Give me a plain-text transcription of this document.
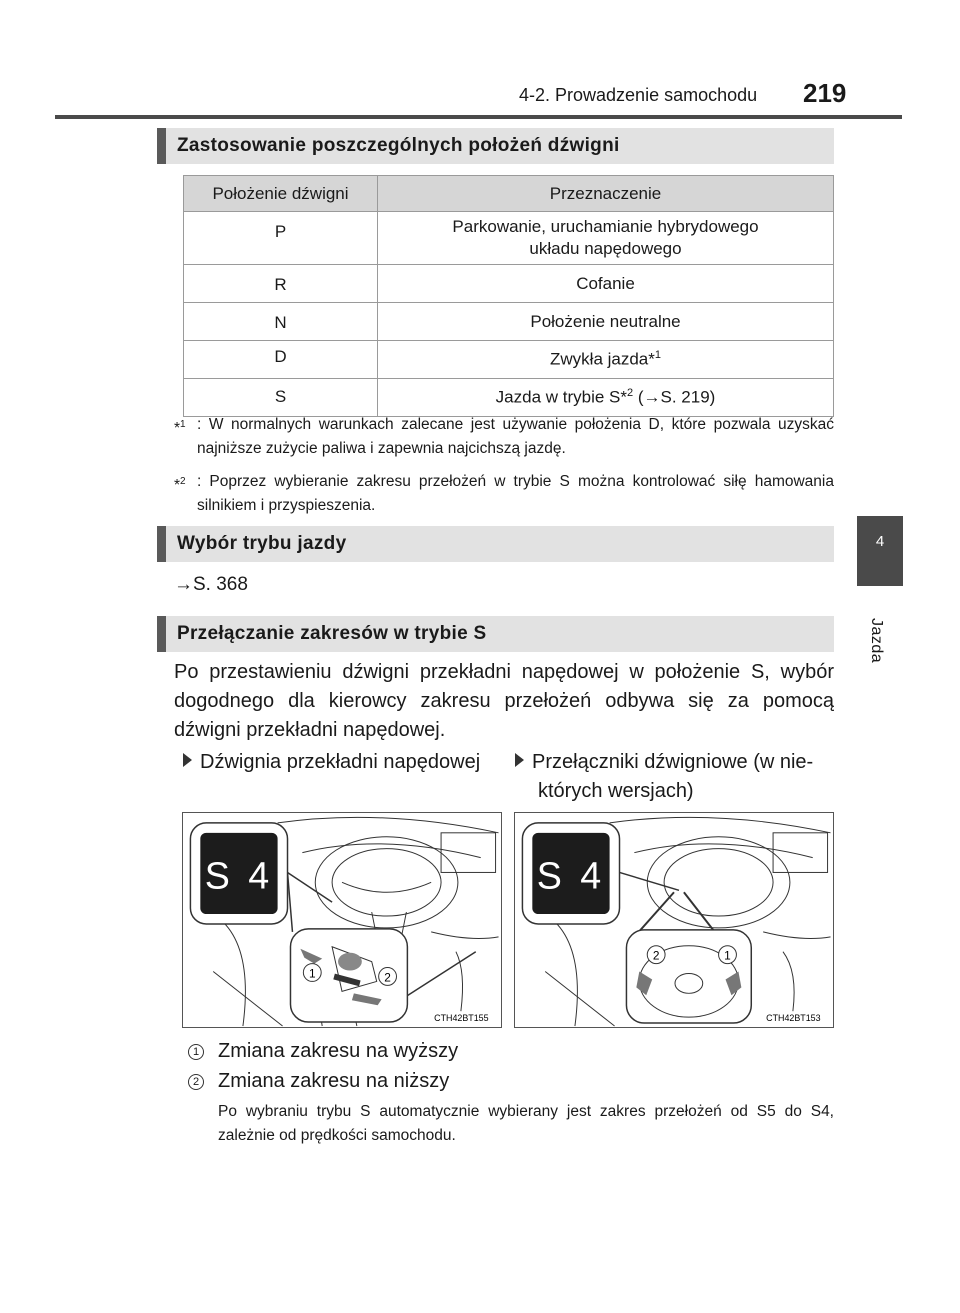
4-2. Prowadzenie samochodu 219
4
Jazda
Zastosowanie poszczególnych położeń dźwigni
Położenie dźwigni	Przeznaczenie
P	Parkowanie, uruchamianie hybrydowego układu napędowego
R	Cofanie
N	Położenie neutralne
D	Zwykła jazda*$^1$
S	Jazda w trybie S*$^2$ (→S. 219)
*$^1$ : W normalnych warunkach zalecane jest używanie położenia D, które pozwala uzyskać najniższe zużycie paliwa i zapewnia najcichszą jazdę.
*$^2$ : Poprzez wybieranie zakresu przełożeń w trybie S można kontrolować siłę hamowania silnikiem i przyspieszenia.
Wybór trybu jazdy
→S. 368
Przełączanie zakresów w trybie S
Po przestawieniu dźwigni przekładni napędowej w położenie S, wybór dogodnego dla kierowcy zakresu przełożeń odbywa się za pomocą dźwigni przekładni napędowej.
Dźwignia przekładni napędowej	Przełączniki dźwigniowe (w nie-
których wersjach)
S 4
1	2
CTH42BT155
S 4
2	1
CTH42BT153
1 Zmiana zakresu na wyższy
2 Zmiana zakresu na niższy
Po wybraniu trybu S automatycznie wybierany jest zakres przełożeń od S5 do S4, zależnie od prędkości samochodu.
